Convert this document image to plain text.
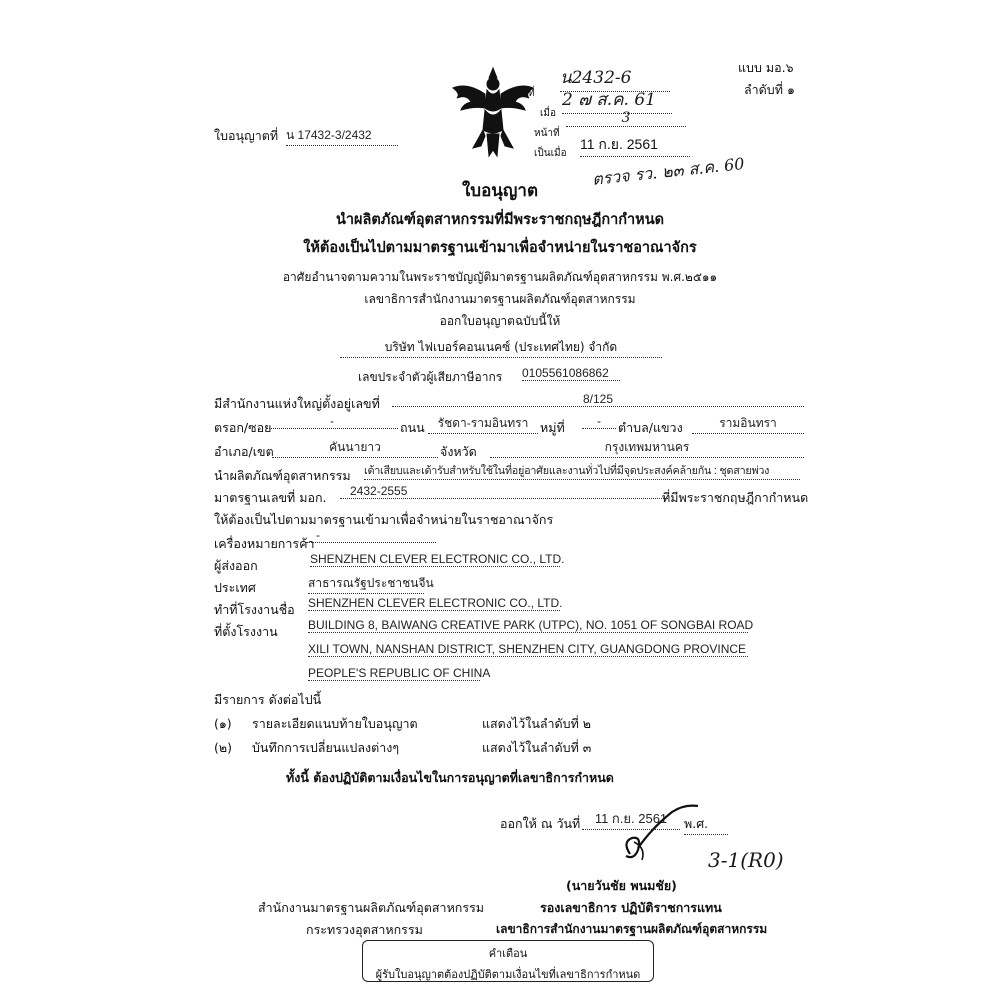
แบบ มอ.๖
ลำดับที่ ๑
เล่มที่
น2432-6
เมื่อ
2 ๗ ส.ค. 61
หน้าที่
3
เป็นเมื่อ
11 ก.ย. 2561
ตรวจ รว. ๒๓ ส.ค. 60
ใบอนุญาตที่ น 17432-3/2432
ใบอนุญาต
นำผลิตภัณฑ์อุตสาหกรรมที่มีพระราชกฤษฎีกากำหนด
ให้ต้องเป็นไปตามมาตรฐานเข้ามาเพื่อจำหน่ายในราชอาณาจักร
อาศัยอำนาจตามความในพระราชบัญญัติมาตรฐานผลิตภัณฑ์อุตสาหกรรม พ.ศ.๒๕๑๑
เลขาธิการสำนักงานมาตรฐานผลิตภัณฑ์อุตสาหกรรม
ออกใบอนุญาตฉบับนี้ให้
บริษัท ไฟเบอร์คอนเนคซ์ (ประเทศไทย) จำกัด
เลขประจำตัวผู้เสียภาษีอากร 0105561086862
มีสำนักงานแห่งใหญ่ตั้งอยู่เลขที่	8/125
ตรอก/ซอย	-	ถนน	รัชดา-รามอินทรา หมู่ที่	-	ตำบล/แขวง	รามอินทรา
อำเภอ/เขต	คันนายาว	จังหวัด	กรุงเทพมหานคร
นำผลิตภัณฑ์อุตสาหกรรม เต้าเสียบและเต้ารับสำหรับใช้ในที่อยู่อาศัยและงานทั่วไปที่มีจุดประสงค์คล้ายกัน : ชุดสายพ่วง
มาตรฐานเลขที่ มอก.	2432-2555	ที่มีพระราชกฤษฎีกากำหนด
ให้ต้องเป็นไปตามมาตรฐานเข้ามาเพื่อจำหน่ายในราชอาณาจักร
เครื่องหมายการค้า
-
ผู้ส่งออก	SHENZHEN CLEVER ELECTRONIC CO., LTD.
ประเทศ	สาธารณรัฐประชาชนจีน
ทำที่โรงงานชื่อ SHENZHEN CLEVER ELECTRONIC CO., LTD.
ที่ตั้งโรงงาน	BUILDING 8, BAIWANG CREATIVE PARK (UTPC), NO. 1051 OF SONGBAI ROAD
XILI TOWN, NANSHAN DISTRICT, SHENZHEN CITY, GUANGDONG PROVINCE
PEOPLE'S REPUBLIC OF CHINA
มีรายการ ดังต่อไปนี้
(๑) รายละเอียดแนบท้ายใบอนุญาต	แสดงไว้ในลำดับที่ ๒
(๒) บันทึกการเปลี่ยนแปลงต่างๆ	แสดงไว้ในลำดับที่ ๓
ทั้งนี้ ต้องปฏิบัติตามเงื่อนไขในการอนุญาตที่เลขาธิการกำหนด
ออกให้ ณ วันที่	11 ก.ย. 2561	พ.ศ.
3-1(R0)
(นายวันชัย พนมชัย)
รองเลขาธิการ ปฏิบัติราชการแทน
เลขาธิการสำนักงานมาตรฐานผลิตภัณฑ์อุตสาหกรรม
สำนักงานมาตรฐานผลิตภัณฑ์อุตสาหกรรม
กระทรวงอุตสาหกรรม
คำเตือน
ผู้รับใบอนุญาตต้องปฏิบัติตามเงื่อนไขที่เลขาธิการกำหนด
